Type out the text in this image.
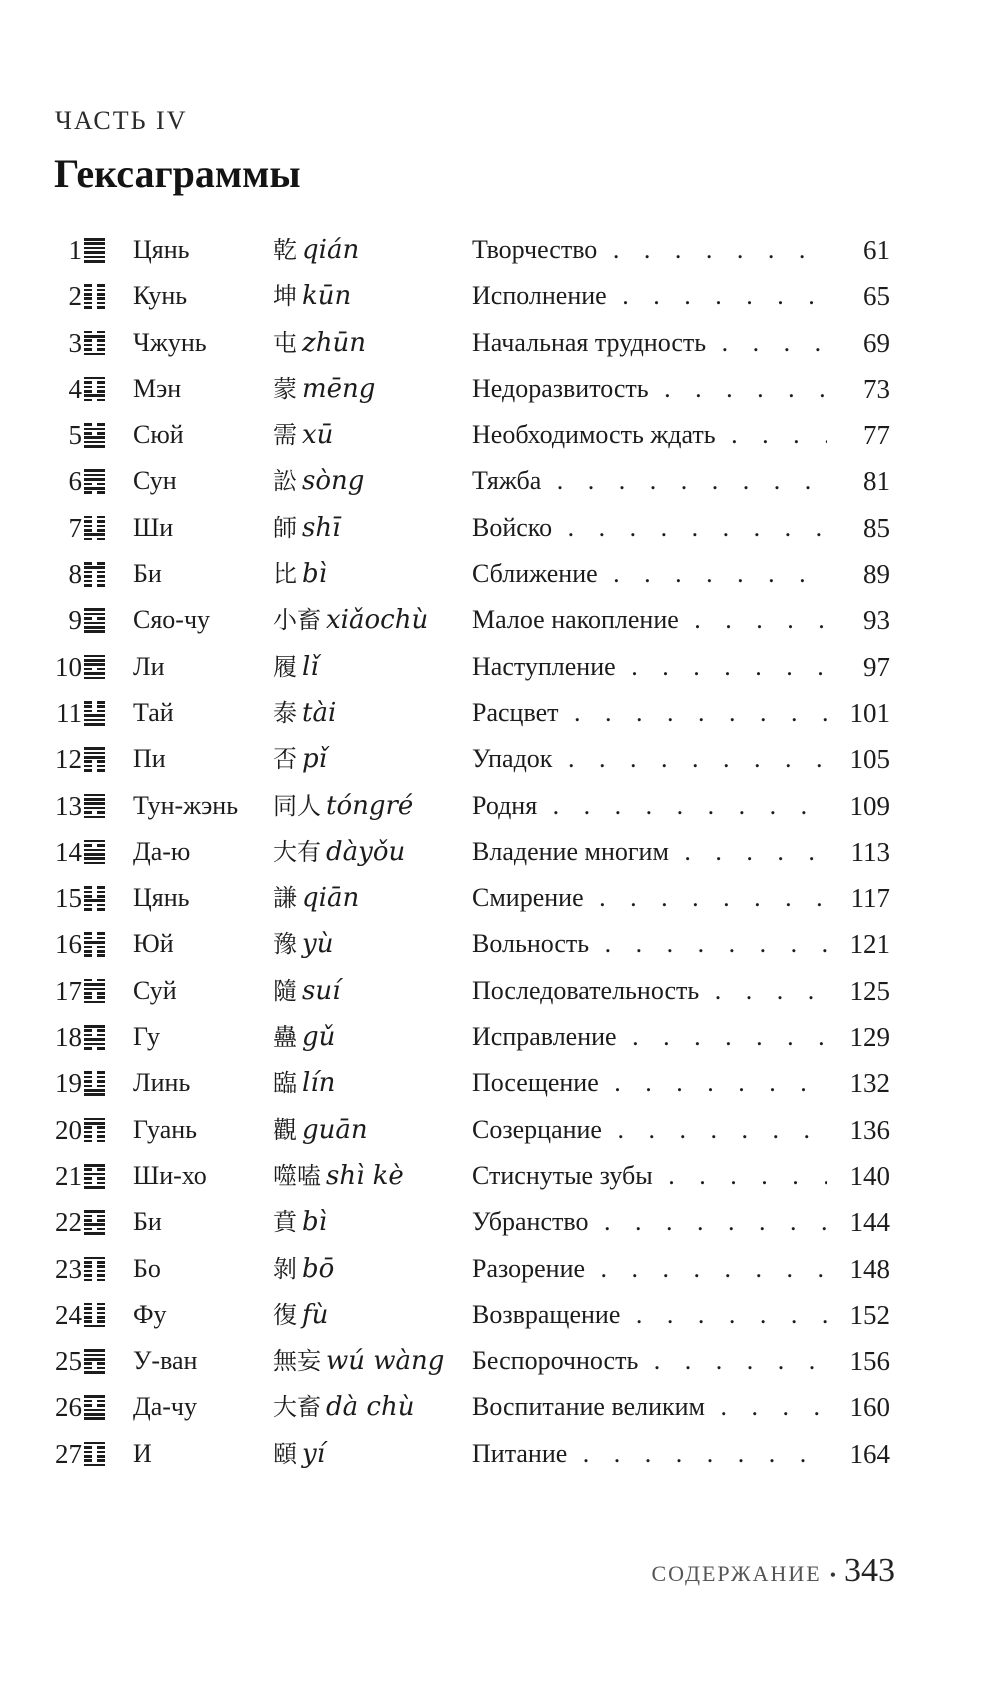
ЧАСТЬ IV
Гексаграммы
1 Цянь	乾 qián	Творчество . . .	61
2 Кунь	坤 kūn	Исполнение . . .	65
3 Чжунь	屯 zhūn	Начальная трудность . . .	69
4 Мэн	蒙 mēng	Недоразвитость . . .	73
5 Сюй	需 xū	Необходимость ждать . . .	77
6 Сун	訟 sòng	Тяжба . . .	81
7 Ши	師 shī	Войско . . .	85
8 Би	比 bì	Сближение . . .	89
9 Сяо-чу	小畜 xiǎochù Малое накопление . . .	93
10 Ли	履 lǐ	Наступление . . .	97
11 Тай	泰 tài	Расцвет . . .	101
12 Пи	否 pǐ	Упадок . . .	105
13 Тун-жэнь 同人 tóngré Родня . . .	109
14 Да-ю	大有 dàyǒu	Владение многим . . .	113
15 Цянь	謙 qiān	Смирение . . .	117
16 Юй	豫 yù	Вольность . . .	121
17 Суй	隨 suí	Последовательность . . .	125
18 Гу	蠱 gǔ	Исправление . . .	129
19 Линь	臨 lín	Посещение . . .	132
20 Гуань	觀 guān	Созерцание . . .	136
21 Ши-хо	噬嗑 shì kè	Стиснутые зубы . . .	140
22 Би	賁 bì	Убранство . . .	144
23 Бо	剝 bō	Разорение . . .	148
24 Фу	復 fù	Возвращение . . .	152
25 У-ван	無妄 wú wàng Беспорочность . . .	156
26 Да-чу	大畜 dà chù Воспитание великим . . .	160
27 И	頤 yí	Питание . . .	164
СОДЕРЖАНИЕ • 343
